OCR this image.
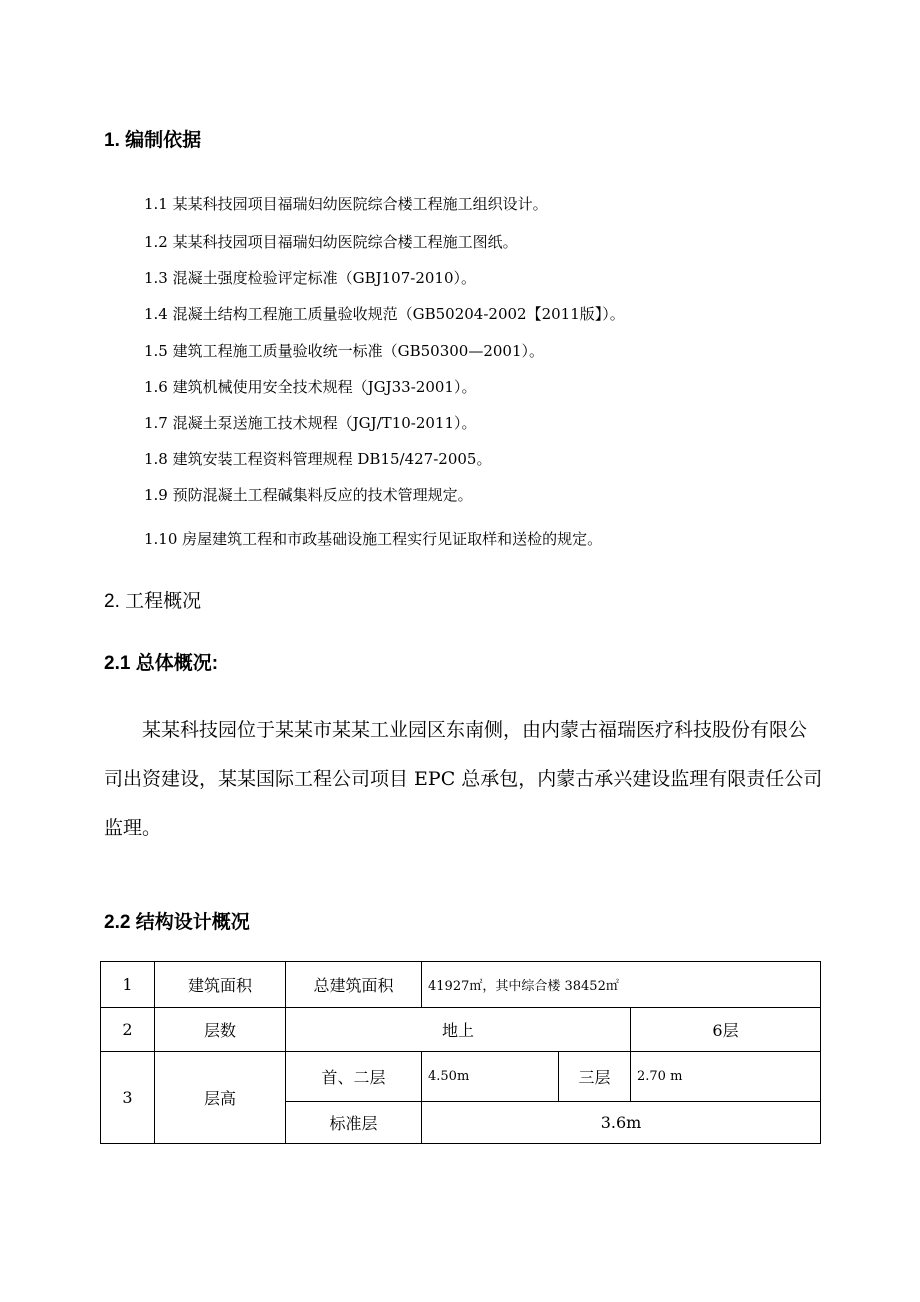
1. 编制依据
1.1 某某科技园项目福瑞妇幼医院综合楼工程施工组织设计。
1.2 某某科技园项目福瑞妇幼医院综合楼工程施工图纸。
1.3 混凝土强度检验评定标准（GBJ107-2010）。
1.4 混凝土结构工程施工质量验收规范（GB50204-2002【2011版】）。
1.5 建筑工程施工质量验收统一标准（GB50300—2001）。
1.6 建筑机械使用安全技术规程（JGJ33-2001）。
1.7 混凝土泵送施工技术规程（JGJ/T10-2011）。
1.8 建筑安装工程资料管理规程 DB15/427-2005。
1.9 预防混凝土工程碱集料反应的技术管理规定。
1.10 房屋建筑工程和市政基础设施工程实行见证取样和送检的规定。
2. 工程概况
2.1 总体概况:
某某科技园位于某某市某某工业园区东南侧，由内蒙古福瑞医疗科技股份有限公司出资建设，某某国际工程公司项目 EPC 总承包，内蒙古承兴建设监理有限责任公司监理。
2.2 结构设计概况
1	建筑面积	总建筑面积	41927㎡，其中综合楼 38452㎡		
2	层数	地上			6层
3	层高	首、二层	4.50m	三层	2.70 m
		标准层	3.6m		
